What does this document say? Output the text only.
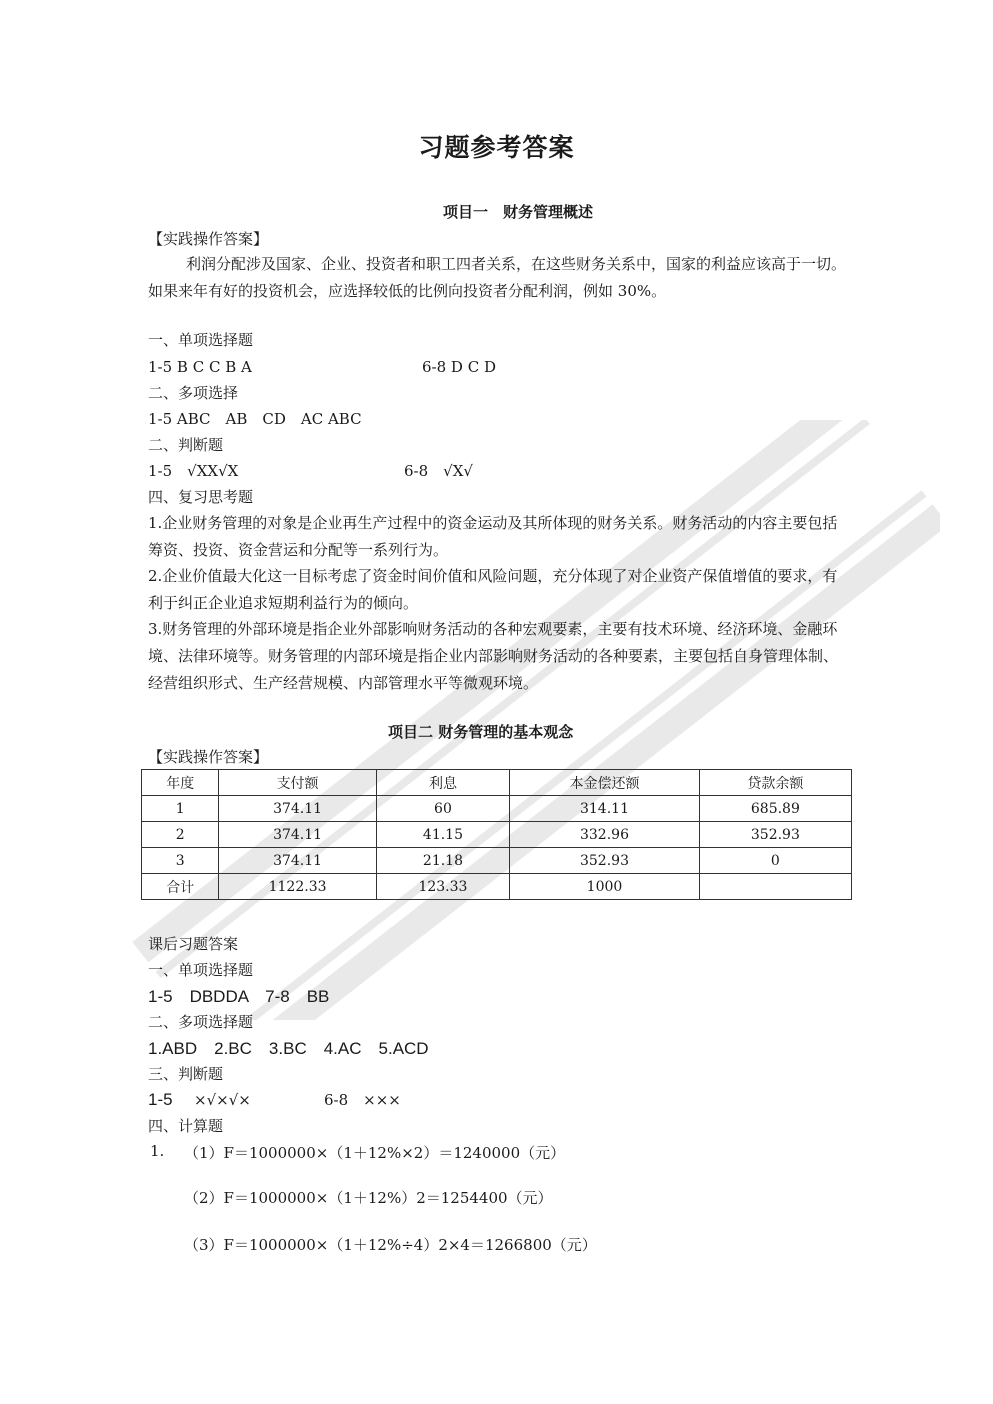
习题参考答案
项目一　财务管理概述
【实践操作答案】
利润分配涉及国家、企业、投资者和职工四者关系，在这些财务关系中，国家的利益应该高于一切。如果来年有好的投资机会，应选择较低的比例向投资者分配利润，例如 30%。
一、单项选择题
1-5 B C C B A	6-8 D C D
二、多项选择
1-5 ABC　AB　CD　AC ABC
二、判断题
1-5　√XX√X	6-8　√X√
四、复习思考题
1.企业财务管理的对象是企业再生产过程中的资金运动及其所体现的财务关系。财务活动的内容主要包括筹资、投资、资金营运和分配等一系列行为。
2.企业价值最大化这一目标考虑了资金时间价值和风险问题，充分体现了对企业资产保值增值的要求，有利于纠正企业追求短期利益行为的倾向。
3.财务管理的外部环境是指企业外部影响财务活动的各种宏观要素，主要有技术环境、经济环境、金融环境、法律环境等。财务管理的内部环境是指企业内部影响财务活动的各种要素，主要包括自身管理体制、经营组织形式、生产经营规模、内部管理水平等微观环境。
项目二 财务管理的基本观念
【实践操作答案】
年度	支付额	利息	本金偿还额	贷款余额
1	374.11	60	314.11	685.89
2	374.11	41.15	332.96	352.93
3	374.11	21.18	352.93	0
合计	1122.33	123.33	1000	
课后习题答案
一、单项选择题
1-5　DBDDA　7-8　BB
二、多项选择题
1.ABD　2.BC　3.BC　4.AC　5.ACD
三、判断题
1-5 ×√×√×	6-8　×××
四、计算题
1. （1）F＝1000000×（1＋12%×2）＝1240000（元）
（2）F＝1000000×（1＋12%）2＝1254400（元）
（3）F＝1000000×（1＋12%÷4）2×4＝1266800（元）
